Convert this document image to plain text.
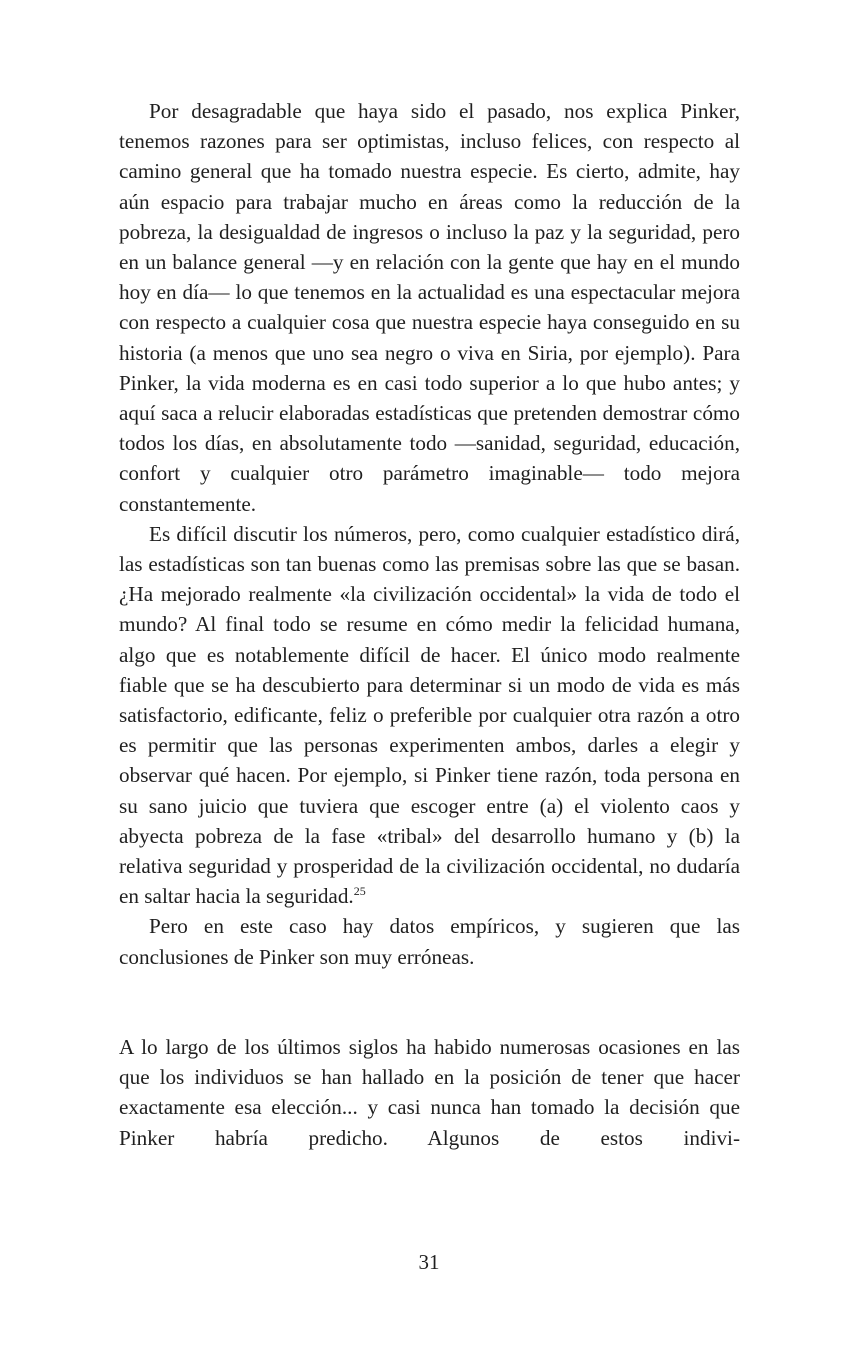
Por desagradable que haya sido el pasado, nos explica Pinker, tenemos razones para ser optimistas, incluso felices, con respecto al camino general que ha tomado nuestra especie. Es cierto, admite, hay aún espacio para trabajar mucho en áreas como la reducción de la pobreza, la desigualdad de ingresos o incluso la paz y la seguridad, pero en un balance general —y en relación con la gente que hay en el mundo hoy en día— lo que tenemos en la actualidad es una espectacular mejora con respecto a cualquier cosa que nuestra especie haya conseguido en su historia (a menos que uno sea negro o viva en Siria, por ejemplo). Para Pinker, la vida moderna es en casi todo superior a lo que hubo antes; y aquí saca a relucir elaboradas estadísticas que pretenden demostrar cómo todos los días, en absolutamente todo —sanidad, seguridad, educación, confort y cualquier otro parámetro imaginable— todo mejora constantemente.

Es difícil discutir los números, pero, como cualquier estadístico dirá, las estadísticas son tan buenas como las premisas sobre las que se basan. ¿Ha mejorado realmente «la civilización occidental» la vida de todo el mundo? Al final todo se resume en cómo medir la felicidad humana, algo que es notablemente difícil de hacer. El único modo realmente fiable que se ha descubierto para determinar si un modo de vida es más satisfactorio, edificante, feliz o preferible por cualquier otra razón a otro es permitir que las personas experimenten ambos, darles a elegir y observar qué hacen. Por ejemplo, si Pinker tiene razón, toda persona en su sano juicio que tuviera que escoger entre (a) el violento caos y abyecta pobreza de la fase «tribal» del desarrollo humano y (b) la relativa seguridad y prosperidad de la civilización occidental, no dudaría en saltar hacia la seguridad.$^{25}$

Pero en este caso hay datos empíricos, y sugieren que las conclusiones de Pinker son muy erróneas.

A lo largo de los últimos siglos ha habido numerosas ocasiones en las que los individuos se han hallado en la posición de tener que hacer exactamente esa elección... y casi nunca han tomado la decisión que Pinker habría predicho. Algunos de estos indivi-

31
